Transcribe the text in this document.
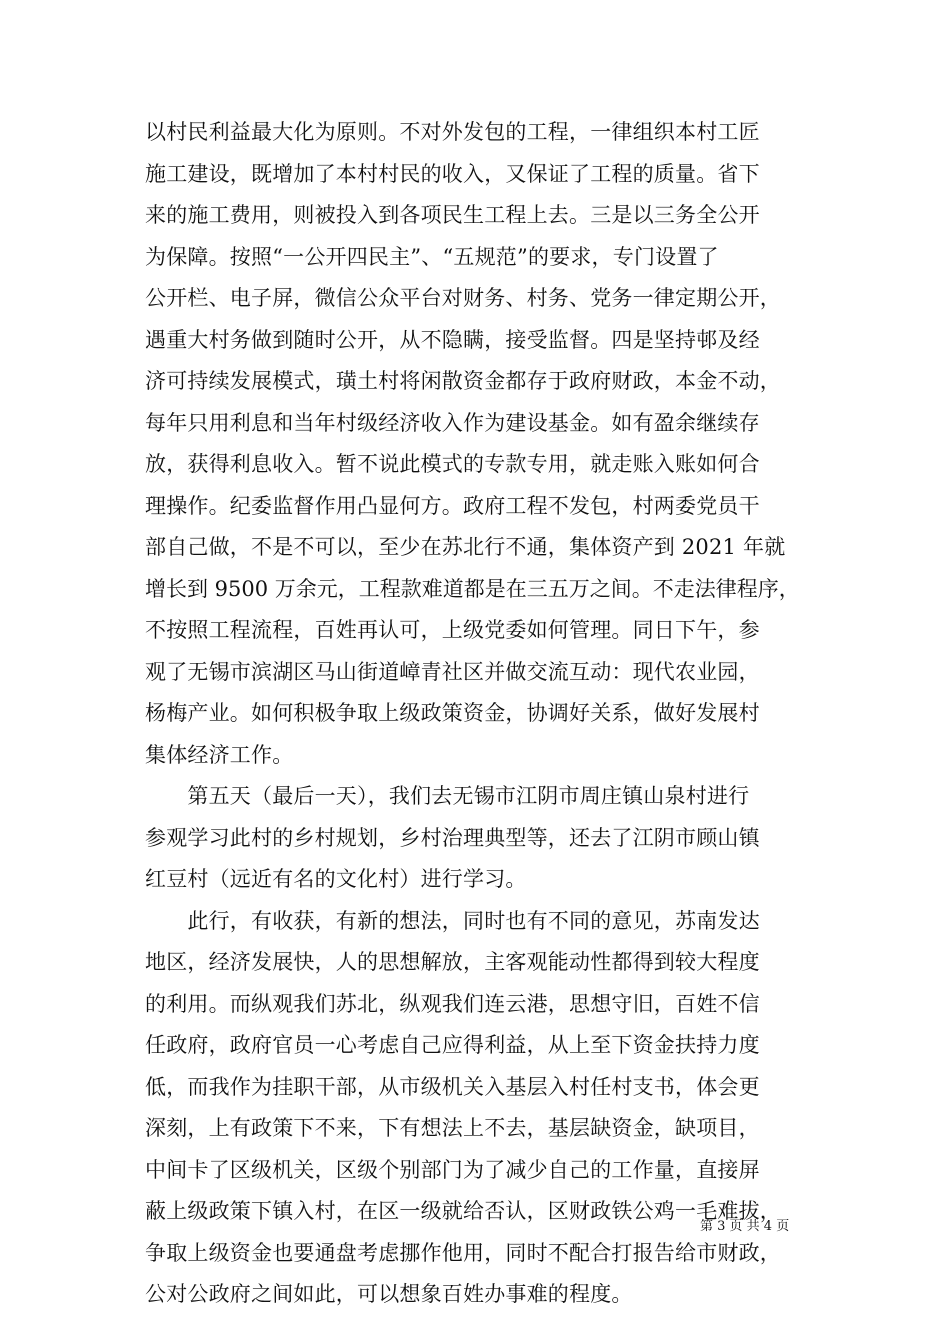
以村民利益最大化为原则。不对外发包的工程，一律组织本村工匠
施工建设，既增加了本村村民的收入，又保证了工程的质量。省下
来的施工费用，则被投入到各项民生工程上去。三是以三务全公开
为保障。按照“一公开四民主”、“五规范”的要求，专门设置了
公开栏、电子屏，微信公众平台对财务、村务、党务一律定期公开，
遇重大村务做到随时公开，从不隐瞒，接受监督。四是坚持邨及经
济可持续发展模式，璜土村将闲散资金都存于政府财政，本金不动，
每年只用利息和当年村级经济收入作为建设基金。如有盈余继续存
放，获得利息收入。暂不说此模式的专款专用，就走账入账如何合
理操作。纪委监督作用凸显何方。政府工程不发包，村两委党员干
部自己做，不是不可以，至少在苏北行不通，集体资产到 2021 年就
增长到 9500 万余元，工程款难道都是在三五万之间。不走法律程序，
不按照工程流程，百姓再认可，上级党委如何管理。同日下午，参
观了无锡市滨湖区马山街道嶂青社区并做交流互动：现代农业园，
杨梅产业。如何积极争取上级政策资金，协调好关系，做好发展村
集体经济工作。
　　第五天（最后一天），我们去无锡市江阴市周庄镇山泉村进行
参观学习此村的乡村规划，乡村治理典型等，还去了江阴市顾山镇
红豆村（远近有名的文化村）进行学习。
　　此行，有收获，有新的想法，同时也有不同的意见，苏南发达
地区，经济发展快，人的思想解放，主客观能动性都得到较大程度
的利用。而纵观我们苏北，纵观我们连云港，思想守旧，百姓不信
任政府，政府官员一心考虑自己应得利益，从上至下资金扶持力度
低，而我作为挂职干部，从市级机关入基层入村任村支书，体会更
深刻，上有政策下不来，下有想法上不去，基层缺资金，缺项目，
中间卡了区级机关，区级个别部门为了减少自己的工作量，直接屏
蔽上级政策下镇入村，在区一级就给否认，区财政铁公鸡一毛难拔，
争取上级资金也要通盘考虑挪作他用，同时不配合打报告给市财政，
公对公政府之间如此，可以想象百姓办事难的程度。
第 3 页 共 4 页
